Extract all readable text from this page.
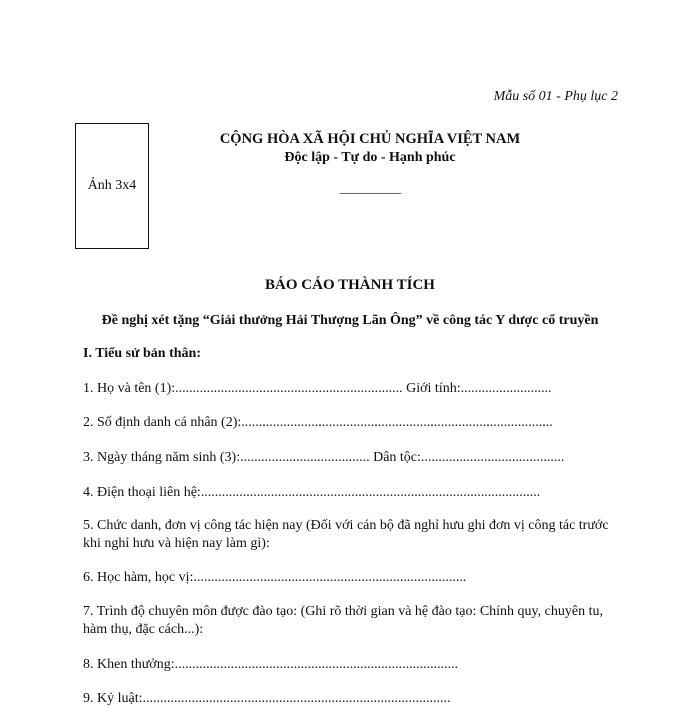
Mẫu số 01 - Phụ lục 2
Ảnh 3x4
CỘNG HÒA XÃ HỘI CHỦ NGHĨA VIỆT NAM
Độc lập - Tự do - Hạnh phúc
___________
BÁO CÁO THÀNH TÍCH
Đề nghị xét tặng “Giải thưởng Hải Thượng Lãn Ông” về công tác Y dược cổ truyền
I. Tiểu sử bản thân:
1. Họ và tên (1):................................................................. Giới tính:..........................
2. Số định danh cá nhân (2):.........................................................................................
3. Ngày tháng năm sinh (3):..................................... Dân tộc:.........................................
4. Điện thoại liên hệ:.................................................................................................
5. Chức danh, đơn vị công tác hiện nay (Đối với cán bộ đã nghỉ hưu ghi đơn vị công tác trước khi nghỉ hưu và hiện nay làm gì):
6. Học hàm, học vị:..............................................................................
7. Trình độ chuyên môn được đào tạo: (Ghi rõ thời gian và hệ đào tạo: Chính quy, chuyên tu, hàm thụ, đặc cách...):
8. Khen thưởng:.................................................................................
9. Kỷ luật:........................................................................................
